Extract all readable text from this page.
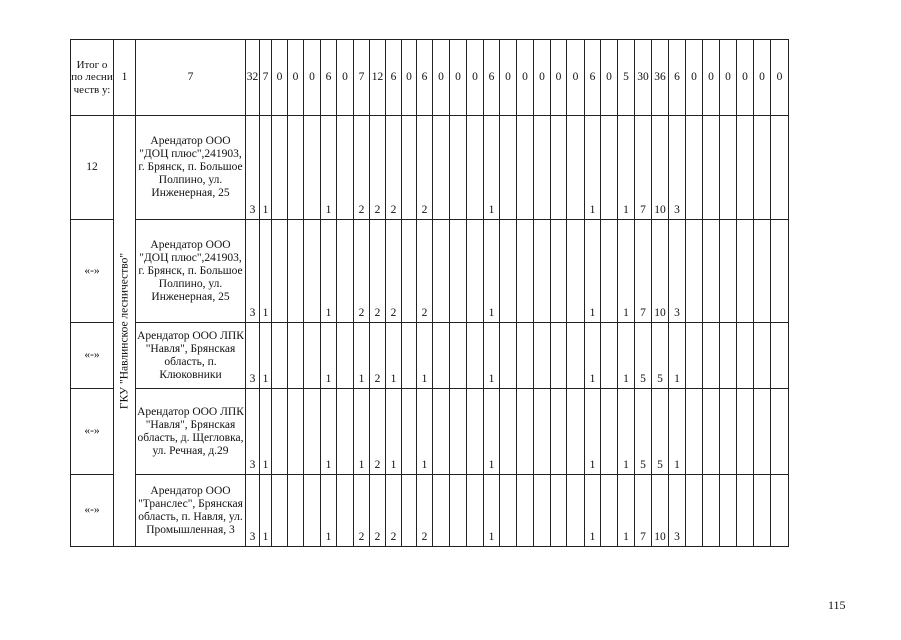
Итог о по лесни честв у:	1	7	32	7	0	0	0	6	0	7	12	6	0	6	0	0	0	6	0	0	0	0	0	6	0	5	30	36	6	0	0	0	0	0	0
12	ГКУ "Навлинское лесничество"	Арендатор ООО "ДОЦ плюс",241903, г. Брянск, п. Большое Полпино, ул. Инженерная, 25	3	1				1		2	2	2		2				1						1		1	7	10	3						
«-»		Арендатор ООО "ДОЦ плюс",241903, г. Брянск, п. Большое Полпино, ул. Инженерная, 25	3	1				1		2	2	2		2				1						1		1	7	10	3						
«-»		Арендатор ООО ЛПК "Навля", Брянская область, п. Клюковники	3	1				1		1	2	1		1				1						1		1	5	5	1						
«-»		Арендатор ООО ЛПК "Навля", Брянская область, д. Щегловка, ул. Речная, д.29	3	1				1		1	2	1		1				1						1		1	5	5	1						
«-»		Арендатор ООО "Транслес", Брянская область, п. Навля, ул. Промышленная, 3	3	1				1		2	2	2		2				1						1		1	7	10	3						
115
